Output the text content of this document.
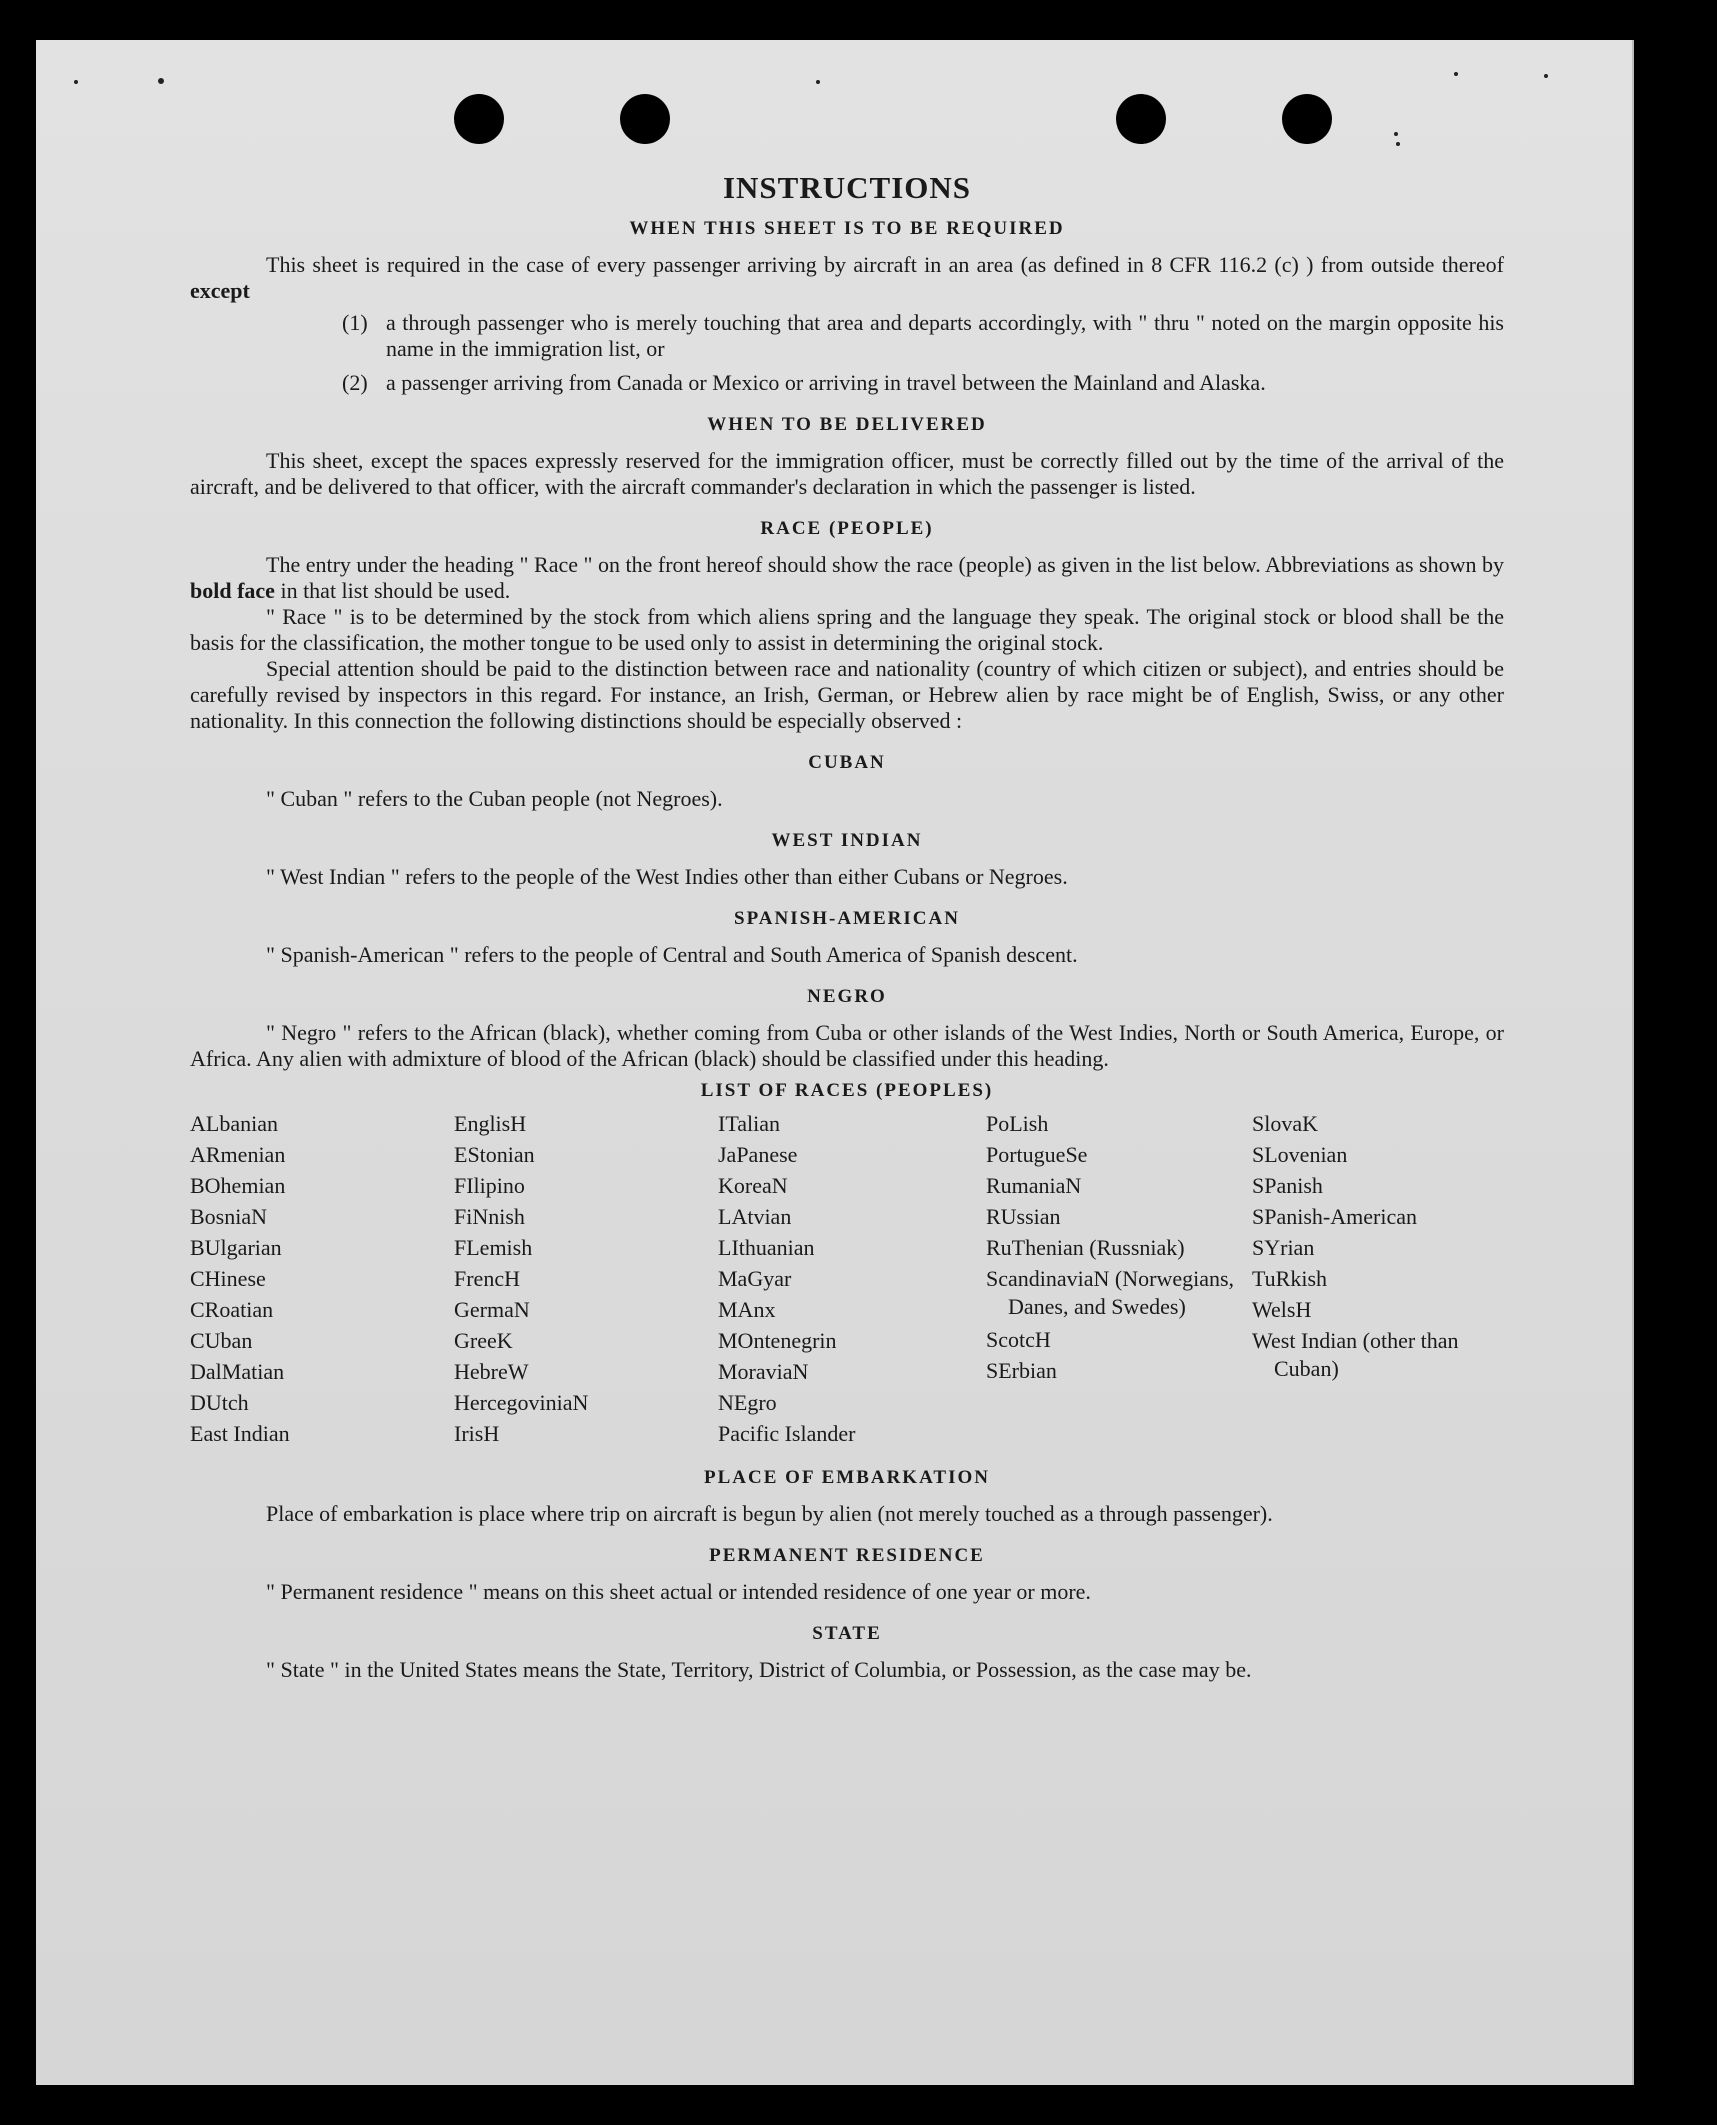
INSTRUCTIONS
WHEN THIS SHEET IS TO BE REQUIRED

This sheet is required in the case of every passenger arriving by aircraft in an area (as defined in 8 CFR 116.2 (c) ) from outside thereof except

(1) a through passenger who is merely touching that area and departs accordingly, with " thru " noted on the margin opposite his name in the immigration list, or
(2) a passenger arriving from Canada or Mexico or arriving in travel between the Mainland and Alaska.
WHEN TO BE DELIVERED

This sheet, except the spaces expressly reserved for the immigration officer, must be correctly filled out by the time of the arrival of the aircraft, and be delivered to that officer, with the aircraft commander's declaration in which the passenger is listed.

RACE (PEOPLE)

The entry under the heading " Race " on the front hereof should show the race (people) as given in the list below. Abbreviations as shown by bold face in that list should be used.

" Race " is to be determined by the stock from which aliens spring and the language they speak. The original stock or blood shall be the basis for the classification, the mother tongue to be used only to assist in determining the original stock.

Special attention should be paid to the distinction between race and nationality (country of which citizen or subject), and entries should be carefully revised by inspectors in this regard. For instance, an Irish, German, or Hebrew alien by race might be of English, Swiss, or any other nationality. In this connection the following distinctions should be especially observed :

CUBAN

" Cuban " refers to the Cuban people (not Negroes).

WEST INDIAN

" West Indian " refers to the people of the West Indies other than either Cubans or Negroes.

SPANISH-AMERICAN

" Spanish-American " refers to the people of Central and South America of Spanish descent.

NEGRO

" Negro " refers to the African (black), whether coming from Cuba or other islands of the West Indies, North or South America, Europe, or Africa. Any alien with admixture of blood of the African (black) should be classified under this heading.

LIST OF RACES (PEOPLES)
ALbanian
ARmenian
BOhemian
BosniaN
BUlgarian
CHinese
CRoatian
CUban
DalMatian
DUtch
East Indian
EnglisH
EStonian
FIlipino
FiNnish
FLemish
FrencH
GermaN
GreeK
HebreW
HercegoviniaN
IrisH
ITalian
JaPanese
KoreaN
LAtvian
LIthuanian
MaGyar
MAnx
MOntenegrin
MoraviaN
NEgro
Pacific Islander
PoLish
PortugueSe
RumaniaN
RUssian
RuThenian (Russniak)
ScandinaviaN (Norwegians, Danes, and Swedes)
ScotcH
SErbian
SlovaK
SLovenian
SPanish
SPanish-American
SYrian
TuRkish
WelsH
West Indian (other than Cuban)
PLACE OF EMBARKATION

Place of embarkation is place where trip on aircraft is begun by alien (not merely touched as a through passenger).

PERMANENT RESIDENCE

" Permanent residence " means on this sheet actual or intended residence of one year or more.

STATE

" State " in the United States means the State, Territory, District of Columbia, or Possession, as the case may be.
